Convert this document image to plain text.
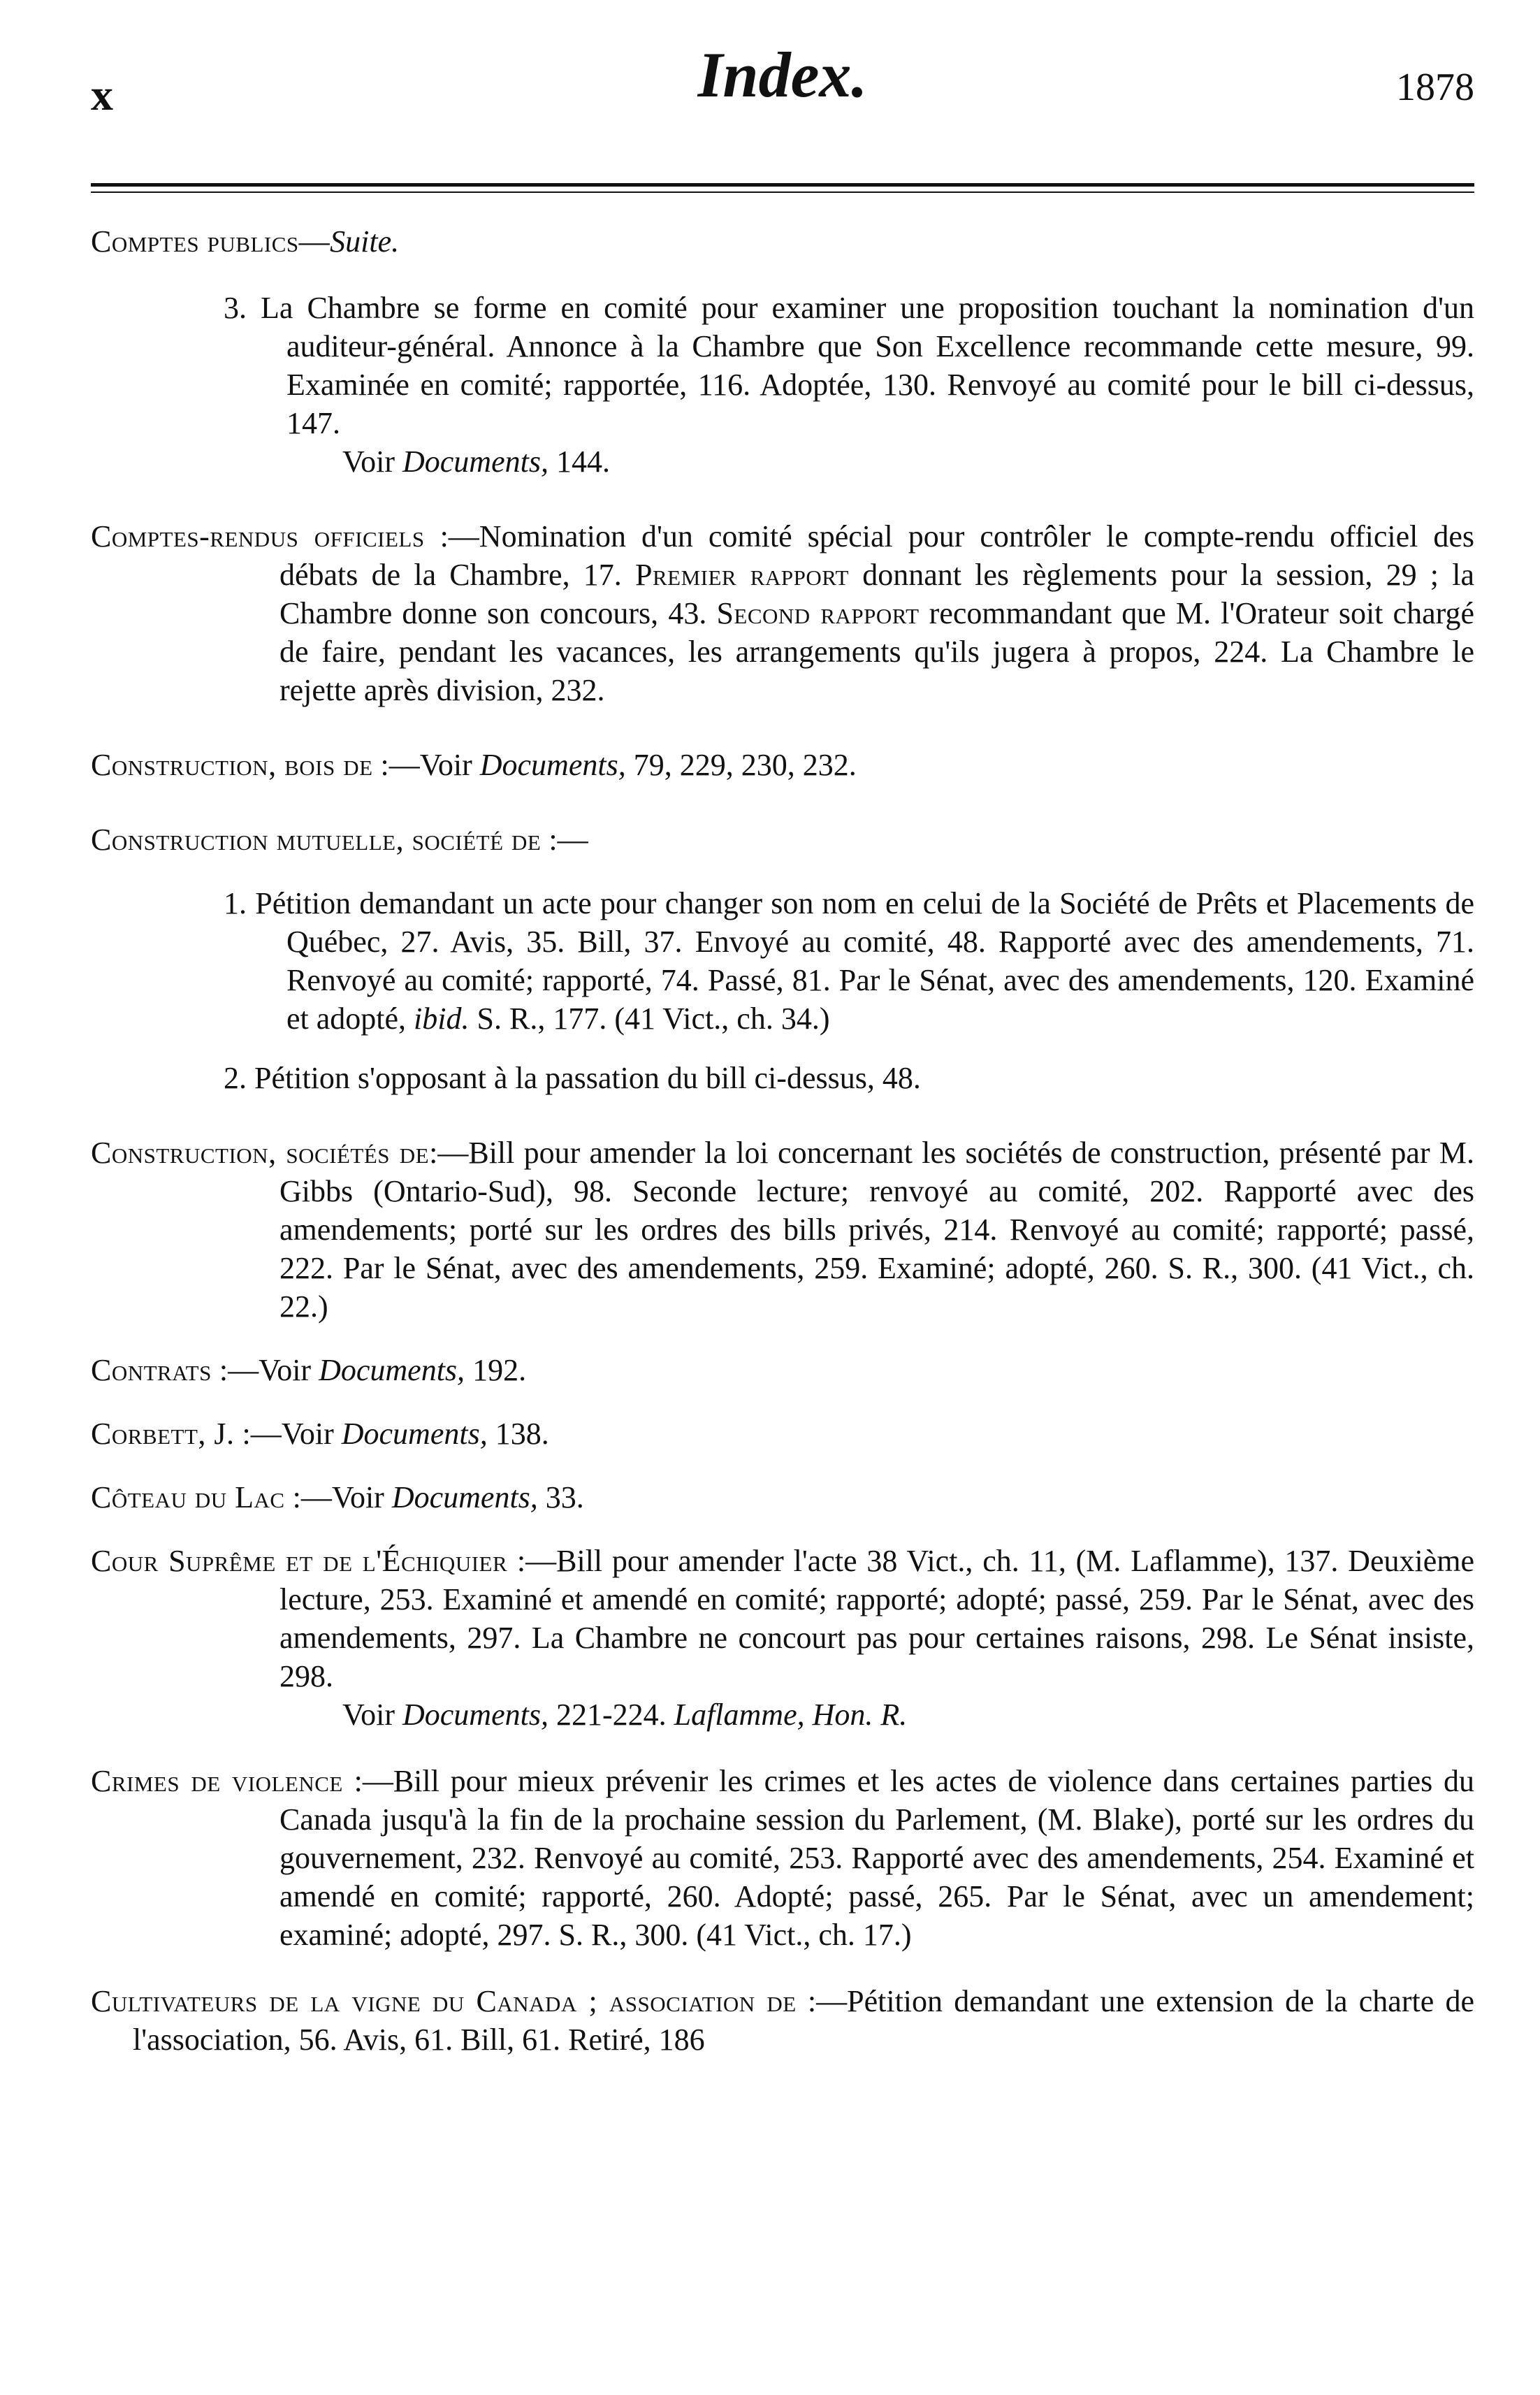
x	Index.	1878
Comptes publics—Suite.
3. La Chambre se forme en comité pour examiner une proposition touchant la nomination d'un auditeur-général. Annonce à la Chambre que Son Excellence recommande cette mesure, 99. Examinée en comité; rapportée, 116. Adoptée, 130. Renvoyé au comité pour le bill ci-dessus, 147.
Voir Documents, 144.
Comptes-rendus officiels :—Nomination d'un comité spécial pour contrôler le compte-rendu officiel des débats de la Chambre, 17. Premier rapport donnant les règlements pour la session, 29 ; la Chambre donne son concours, 43. Second rapport recommandant que M. l'Orateur soit chargé de faire, pendant les vacances, les arrangements qu'ils jugera à propos, 224. La Chambre le rejette après division, 232.
Construction, bois de :—Voir Documents, 79, 229, 230, 232.
Construction mutuelle, société de :—
1. Pétition demandant un acte pour changer son nom en celui de la Société de Prêts et Placements de Québec, 27. Avis, 35. Bill, 37. Envoyé au comité, 48. Rapporté avec des amendements, 71. Renvoyé au comité; rapporté, 74. Passé, 81. Par le Sénat, avec des amendements, 120. Examiné et adopté, ibid. S. R., 177. (41 Vict., ch. 34.)
2. Pétition s'opposant à la passation du bill ci-dessus, 48.
Construction, sociétés de:—Bill pour amender la loi concernant les sociétés de construction, présenté par M. Gibbs (Ontario-Sud), 98. Seconde lecture; renvoyé au comité, 202. Rapporté avec des amendements; porté sur les ordres des bills privés, 214. Renvoyé au comité; rapporté; passé, 222. Par le Sénat, avec des amendements, 259. Examiné; adopté, 260. S. R., 300. (41 Vict., ch. 22.)
Contrats :—Voir Documents, 192.
Corbett, J. :—Voir Documents, 138.
Côteau du Lac :—Voir Documents, 33.
Cour Suprême et de l'Échiquier :—Bill pour amender l'acte 38 Vict., ch. 11, (M. Laflamme), 137. Deuxième lecture, 253. Examiné et amendé en comité; rapporté; adopté; passé, 259. Par le Sénat, avec des amendements, 297. La Chambre ne concourt pas pour certaines raisons, 298. Le Sénat insiste, 298.
Voir Documents, 221-224. Laflamme, Hon. R.
Crimes de violence :—Bill pour mieux prévenir les crimes et les actes de violence dans certaines parties du Canada jusqu'à la fin de la prochaine session du Parlement, (M. Blake), porté sur les ordres du gouvernement, 232. Renvoyé au comité, 253. Rapporté avec des amendements, 254. Examiné et amendé en comité; rapporté, 260. Adopté; passé, 265. Par le Sénat, avec un amendement; examiné; adopté, 297. S. R., 300. (41 Vict., ch. 17.)
Cultivateurs de la vigne du Canada ; association de :—Pétition demandant une extension de la charte de l'association, 56. Avis, 61. Bill, 61. Retiré, 186
